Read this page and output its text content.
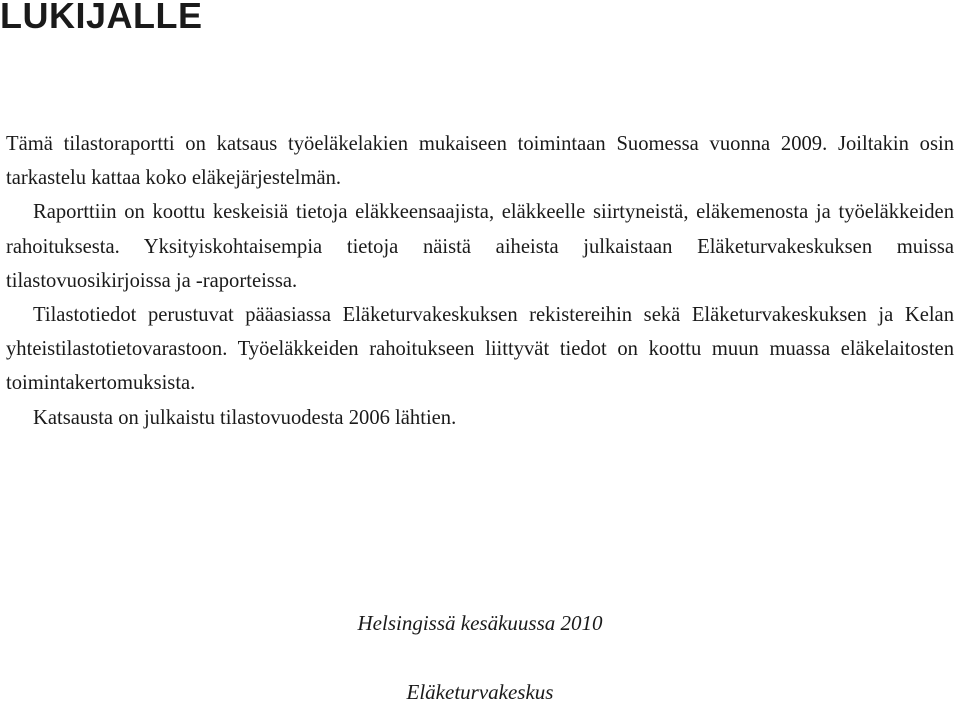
LUKIJALLE

Tämä tilastoraportti on katsaus työeläkelakien mukaiseen toimintaan Suomessa vuonna 2009. Joiltakin osin tarkastelu kattaa koko eläkejärjestelmän.

Raporttiin on koottu keskeisiä tietoja eläkkeensaajista, eläkkeelle siirtyneistä, eläkemenosta ja työeläkkeiden rahoituksesta. Yksityiskohtaisempia tietoja näistä aiheista julkaistaan Eläketurvakeskuksen muissa tilastovuosikirjoissa ja -raporteissa.

Tilastotiedot perustuvat pääasiassa Eläketurvakeskuksen rekistereihin sekä Eläketurvakeskuksen ja Kelan yhteistilastotietovarastoon. Työeläkkeiden rahoitukseen liittyvät tiedot on koottu muun muassa eläkelaitosten toimintakertomuksista.

Katsausta on julkaistu tilastovuodesta 2006 lähtien.

Helsingissä kesäkuussa 2010
Eläketurvakeskus
